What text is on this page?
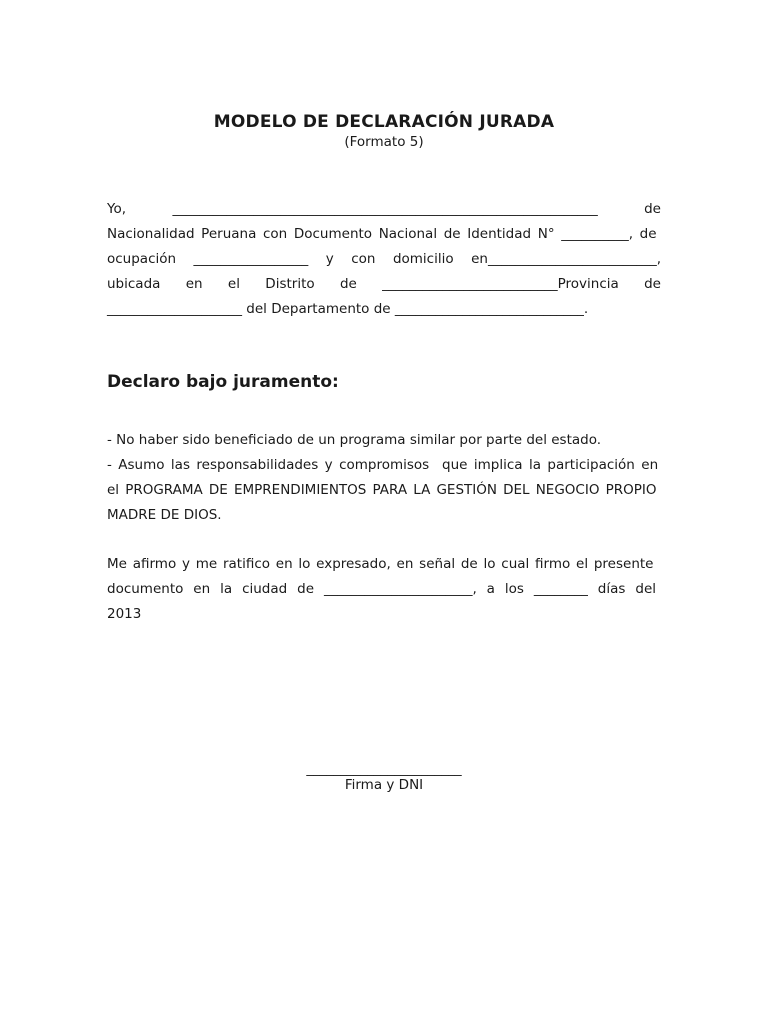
MODELO DE DECLARACIÓN JURADA
(Formato 5)
Yo,	_______________________________________________________________	de
Nacionalidad Peruana con Documento Nacional de Identidad N° __________, de
ocupación _________________ y con domicilio en_________________________,
ubicada en el Distrito de __________________________Provincia de
____________________ del Departamento de ____________________________.
Declaro bajo juramento:
- No haber sido beneficiado de un programa similar por parte del estado.
- Asumo las responsabilidades y compromisos  que implica la participación en
el PROGRAMA DE EMPRENDIMIENTOS PARA LA GESTIÓN DEL NEGOCIO PROPIO
MADRE DE DIOS.
Me afirmo y me ratifico en lo expresado, en señal de lo cual firmo el presente
documento en la ciudad de ______________________, a los ________ días del
2013
_______________________
Firma y DNI
